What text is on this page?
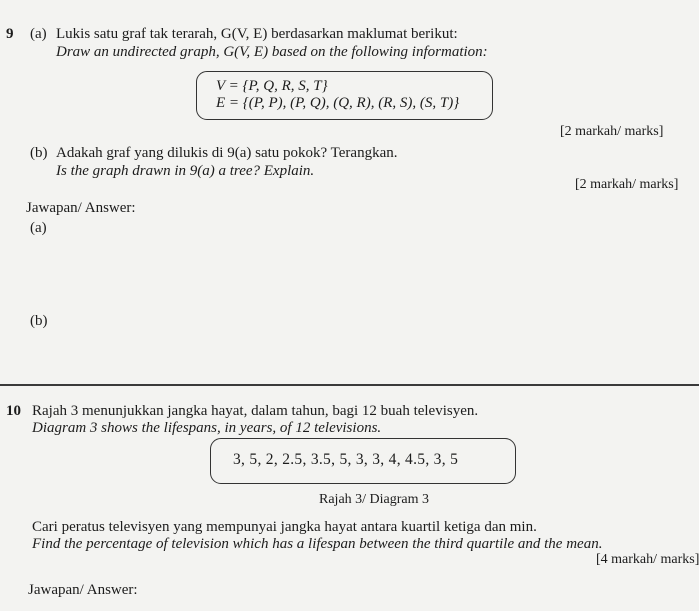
9 (a) Lukis satu graf tak terarah, G(V, E) berdasarkan maklumat berikut:
Draw an undirected graph, G(V, E) based on the following information:
V = {P, Q, R, S, T}
E = {(P, P), (P, Q), (Q, R), (R, S), (S, T)}
[2 markah/ marks]
(b) Adakah graf yang dilukis di 9(a) satu pokok? Terangkan.
Is the graph drawn in 9(a) a tree? Explain.
[2 markah/ marks]
Jawapan/ Answer:
(a)
(b)
10 Rajah 3 menunjukkan jangka hayat, dalam tahun, bagi 12 buah televisyen.
Diagram 3 shows the lifespans, in years, of 12 televisions.
3, 5, 2, 2.5, 3.5, 5, 3, 3, 4, 4.5, 3, 5
Rajah 3/ Diagram 3
Cari peratus televisyen yang mempunyai jangka hayat antara kuartil ketiga dan min.
Find the percentage of television which has a lifespan between the third quartile and the mean.
[4 markah/ marks]
Jawapan/ Answer:
